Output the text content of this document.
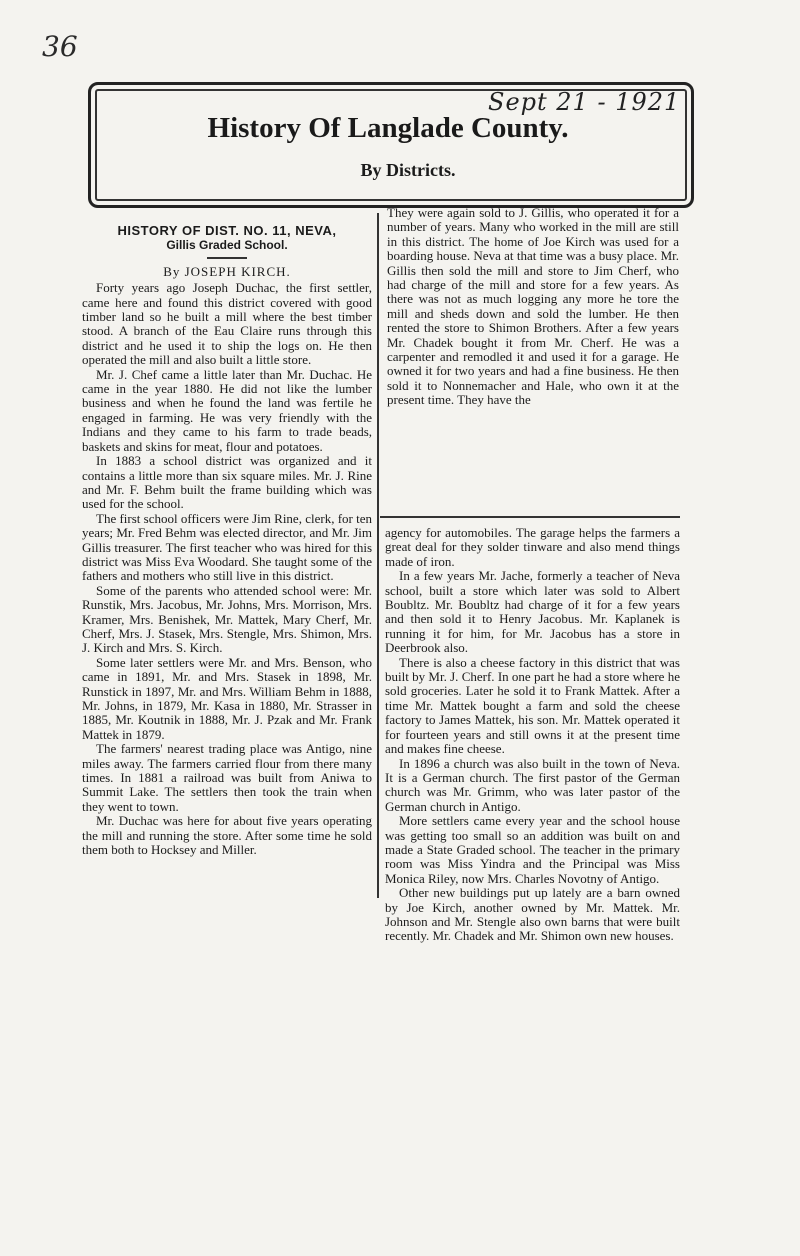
36
Sept 21 - 1921
History Of Langlade County.
By Districts.

HISTORY OF DIST. NO. 11, NEVA,

Gillis Graded School.

By JOSEPH KIRCH.

Forty years ago Joseph Duchac, the first settler, came here and found this district covered with good timber land so he built a mill where the best timber stood. A branch of the Eau Claire runs through this district and he used it to ship the logs on. He then operated the mill and also built a little store.

Mr. J. Chef came a little later than Mr. Duchac. He came in the year 1880. He did not like the lumber business and when he found the land was fertile he engaged in farming. He was very friendly with the Indians and they came to his farm to trade beads, baskets and skins for meat, flour and potatoes.

In 1883 a school district was organized and it contains a little more than six square miles. Mr. J. Rine and Mr. F. Behm built the frame building which was used for the school.

The first school officers were Jim Rine, clerk, for ten years; Mr. Fred Behm was elected director, and Mr. Jim Gillis treasurer. The first teacher who was hired for this district was Miss Eva Woodard. She taught some of the fathers and mothers who still live in this district.

Some of the parents who attended school were: Mr. Runstik, Mrs. Jacobus, Mr. Johns, Mrs. Morrison, Mrs. Kramer, Mrs. Benishek, Mr. Mattek, Mary Cherf, Mr. Cherf, Mrs. J. Stasek, Mrs. Stengle, Mrs. Shimon, Mrs. J. Kirch and Mrs. S. Kirch.

Some later settlers were Mr. and Mrs. Benson, who came in 1891, Mr. and Mrs. Stasek in 1898, Mr. Runstick in 1897, Mr. and Mrs. William Behm in 1888, Mr. Johns, in 1879, Mr. Kasa in 1880, Mr. Strasser in 1885, Mr. Koutnik in 1888, Mr. J. Pzak and Mr. Frank Mattek in 1879.

The farmers' nearest trading place was Antigo, nine miles away. The farmers carried flour from there many times. In 1881 a railroad was built from Aniwa to Summit Lake. The settlers then took the train when they went to town.

Mr. Duchac was here for about five years operating the mill and running the store. After some time he sold them both to Hocksey and Miller.

They were again sold to J. Gillis, who operated it for a number of years. Many who worked in the mill are still in this district. The home of Joe Kirch was used for a boarding house. Neva at that time was a busy place. Mr. Gillis then sold the mill and store to Jim Cherf, who had charge of the mill and store for a few years. As there was not as much logging any more he tore the mill and sheds down and sold the lumber. He then rented the store to Shimon Brothers. After a few years Mr. Chadek bought it from Mr. Cherf. He was a carpenter and remodled it and used it for a garage. He owned it for two years and had a fine business. He then sold it to Nonnemacher and Hale, who own it at the present time. They have the

agency for automobiles. The garage helps the farmers a great deal for they solder tinware and also mend things made of iron.

In a few years Mr. Jache, formerly a teacher of Neva school, built a store which later was sold to Albert Boubltz. Mr. Boubltz had charge of it for a few years and then sold it to Henry Jacobus. Mr. Kaplanek is running it for him, for Mr. Jacobus has a store in Deerbrook also.

There is also a cheese factory in this district that was built by Mr. J. Cherf. In one part he had a store where he sold groceries. Later he sold it to Frank Mattek. After a time Mr. Mattek bought a farm and sold the cheese factory to James Mattek, his son. Mr. Mattek operated it for fourteen years and still owns it at the present time and makes fine cheese.

In 1896 a church was also built in the town of Neva. It is a German church. The first pastor of the German church was Mr. Grimm, who was later pastor of the German church in Antigo.

More settlers came every year and the school house was getting too small so an addition was built on and made a State Graded school. The teacher in the primary room was Miss Yindra and the Principal was Miss Monica Riley, now Mrs. Charles Novotny of Antigo.

Other new buildings put up lately are a barn owned by Joe Kirch, another owned by Mr. Mattek. Mr. Johnson and Mr. Stengle also own barns that were built recently. Mr. Chadek and Mr. Shimon own new houses.
